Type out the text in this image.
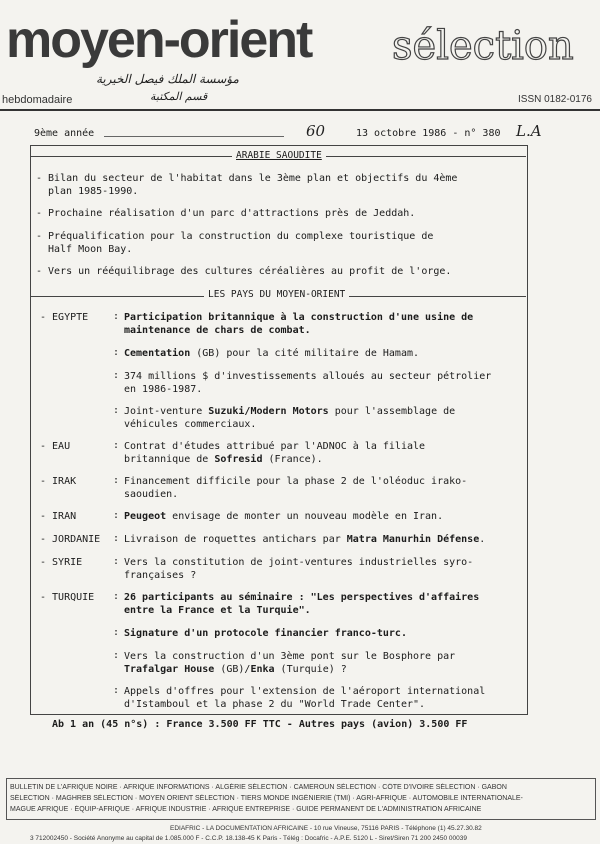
moyen-orient sélection
مؤسسة الملك فيصل الخيرية
قسم المكتبة
hebdomadaire	ISSN 0182-0176
9ème année	60	13 octobre 1986 - n° 380 L.A
ARABIE SAOUDITE
- Bilan du secteur de l'habitat dans le 3ème plan et objectifs du 4ème
plan 1985-1990.
- Prochaine réalisation d'un parc d'attractions près de Jeddah.
- Préqualification pour la construction du complexe touristique de
Half Moon Bay.
- Vers un rééquilibrage des cultures céréalières au profit de l'orge.
LES PAYS DU MOYEN-ORIENT
- EGYPTE : Participation britannique à la construction d'une usine de
maintenance de chars de combat.
: Cementation (GB) pour la cité militaire de Hamam.
: 374 millions $ d'investissements alloués au secteur pétrolier
en 1986-1987.
: Joint-venture Suzuki/Modern Motors pour l'assemblage de
véhicules commerciaux.
- EAU	: Contrat d'études attribué par l'ADNOC à la filiale
britannique de Sofresid (France).
- IRAK	: Financement difficile pour la phase 2 de l'oléoduc irako-
saoudien.
- IRAN	: Peugeot envisage de monter un nouveau modèle en Iran.
- JORDANIE : Livraison de roquettes antichars par Matra Manurhin Défense.
- SYRIE	: Vers la constitution de joint-ventures industrielles syro-
françaises ?
- TURQUIE : 26 participants au séminaire : "Les perspectives d'affaires
entre la France et la Turquie".
: Signature d'un protocole financier franco-turc.
: Vers la construction d'un 3ème pont sur le Bosphore par
Trafalgar House (GB)/Enka (Turquie) ?
: Appels d'offres pour l'extension de l'aéroport international
d'Istamboul et la phase 2 du "World Trade Center".
Ab 1 an (45 n°s) : France 3.500 FF TTC - Autres pays (avion) 3.500 FF
BULLETIN DE L'AFRIQUE NOIRE · AFRIQUE INFORMATIONS · ALGÉRIE SÉLECTION · CAMEROUN SÉLECTION · CÔTE D'IVOIRE SÉLECTION · GABON
SÉLECTION · MAGHREB SÉLECTION · MOYEN ORIENT SÉLECTION · TIERS MONDE INGÉNIERIE (TMI) · AGRI-AFRIQUE · AUTOMOBILE INTERNATIONALE-
MAGUE AFRIQUE · ÉQUIP-AFRIQUE · AFRIQUE INDUSTRIE · AFRIQUE ENTREPRISE · GUIDE PERMANENT DE L'ADMINISTRATION AFRICAINE
EDIAFRIC - LA DOCUMENTATION AFRICAINE - 10 rue Vineuse, 75116 PARIS - Téléphone (1) 45.27.30.82
3 712002450 - Société Anonyme au capital de 1.085.000 F - C.C.P. 18.138-45 K Paris - Télég : Docafric - A.P.E. 5120 L - Siret/Siren 71 200 2450 00039
